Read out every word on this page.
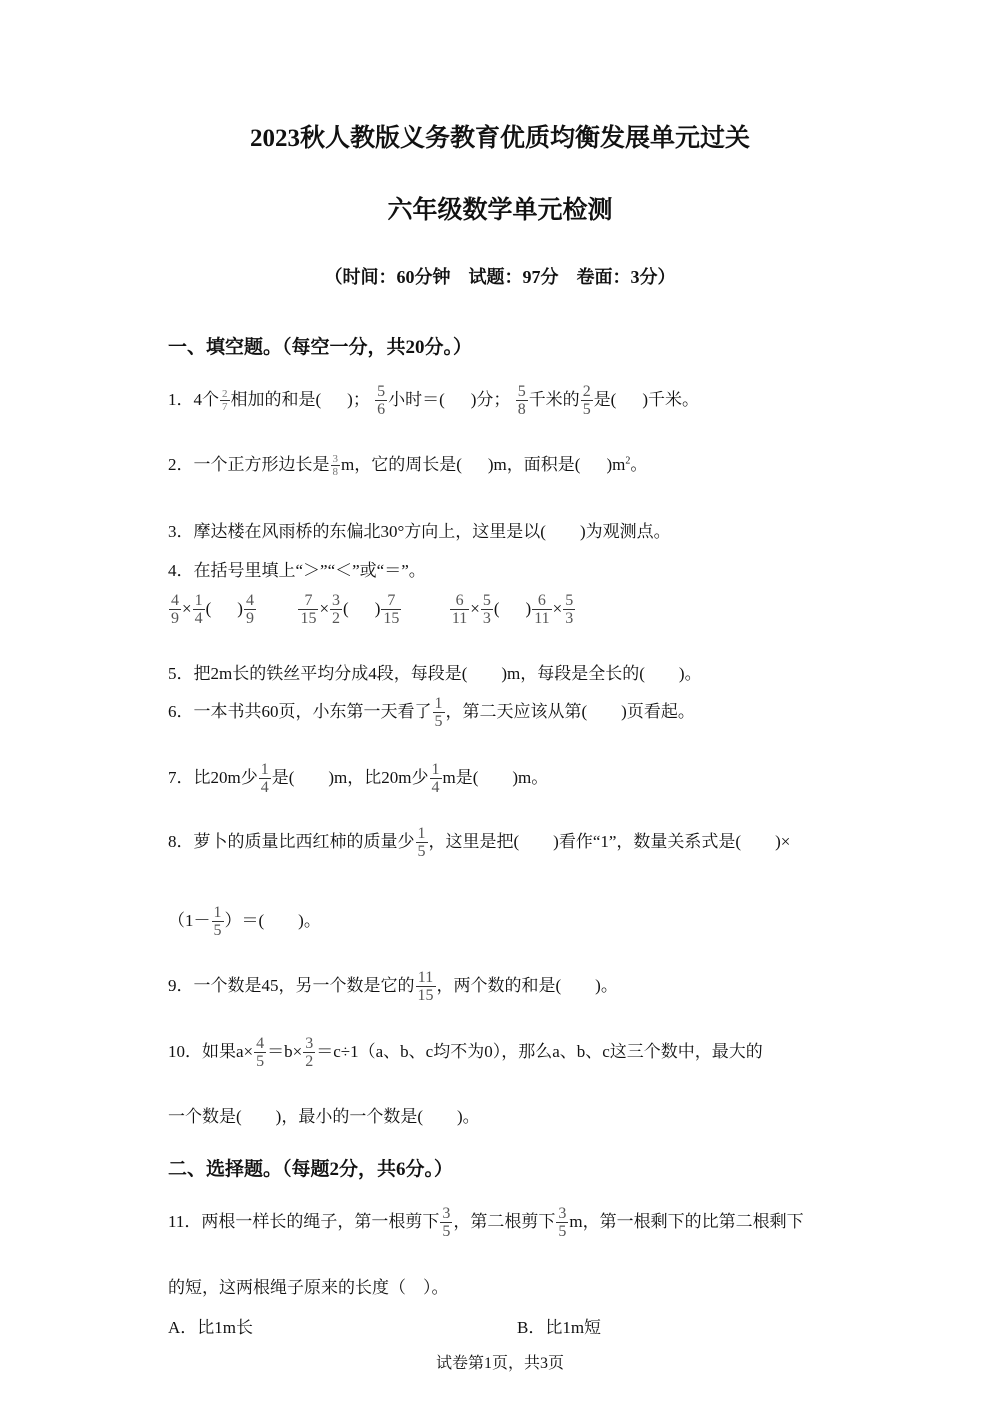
2023秋人教版义务教育优质均衡发展单元过关
六年级数学单元检测
（时间：60分钟　试题：97分　卷面：3分）
一、填空题。（每空一分，共20分。）
1．4个 $\frac{2}{7}$ 相加的和是( )； $\frac{5}{6}$ 小时＝( )分； $\frac{5}{8}$ 千米的 $\frac{2}{5}$ 是( )千米。
2．一个正方形边长是 $\frac{3}{8}$ m，它的周长是( )m，面积是( )$m^2$。
3．摩达楼在风雨桥的东偏北30°方向上，这里是以(　　)为观测点。
4．在括号里填上“＞”“＜”或“＝”。
$\frac{4}{9} \times \frac{1}{4}$ ( ) $\frac{4}{9}$
	$\frac{7}{15} \times \frac{3}{2}$ ( ) $\frac{7}{15}$
	$\frac{6}{11} \times \frac{5}{3}$ ( ) $\frac{6}{11} \times \frac{5}{3}$
5．把2m长的铁丝平均分成4段，每段是(　　)m，每段是全长的(　　)。
6．一本书共60页，小东第一天看了 $\frac{1}{5}$ ，第二天应该从第(　　)页看起。
7．比20m少 $\frac{1}{4}$ 是(　　)m，比20m少 $\frac{1}{4}$ m是(　　)m。
8．萝卜的质量比西红柿的质量少 $\frac{1}{5}$ ，这里是把(　　)看作“1”，数量关系式是(　　)×
（$1- \frac{1}{5}$ ）＝(　　)。
9．一个数是45，另一个数是它的 $\frac{11}{15}$ ，两个数的和是(　　)。
10．如果$a\times \frac{4}{5} =b\times \frac{3}{2} =c\div 1(a$、b、c均不为0），那么a、b、c这三个数中，最大的
一个数是(　　)，最小的一个数是(　　)。
二、选择题。（每题2分，共6分。）
11．两根一样长的绳子，第一根剪下 $\frac{3}{5}$ ，第二根剪下 $\frac{3}{5}$ m，第一根剩下的比第二根剩下
的短，这两根绳子原来的长度（　）。
A．比1m长	B．比1m短
试卷第1页，共3页
